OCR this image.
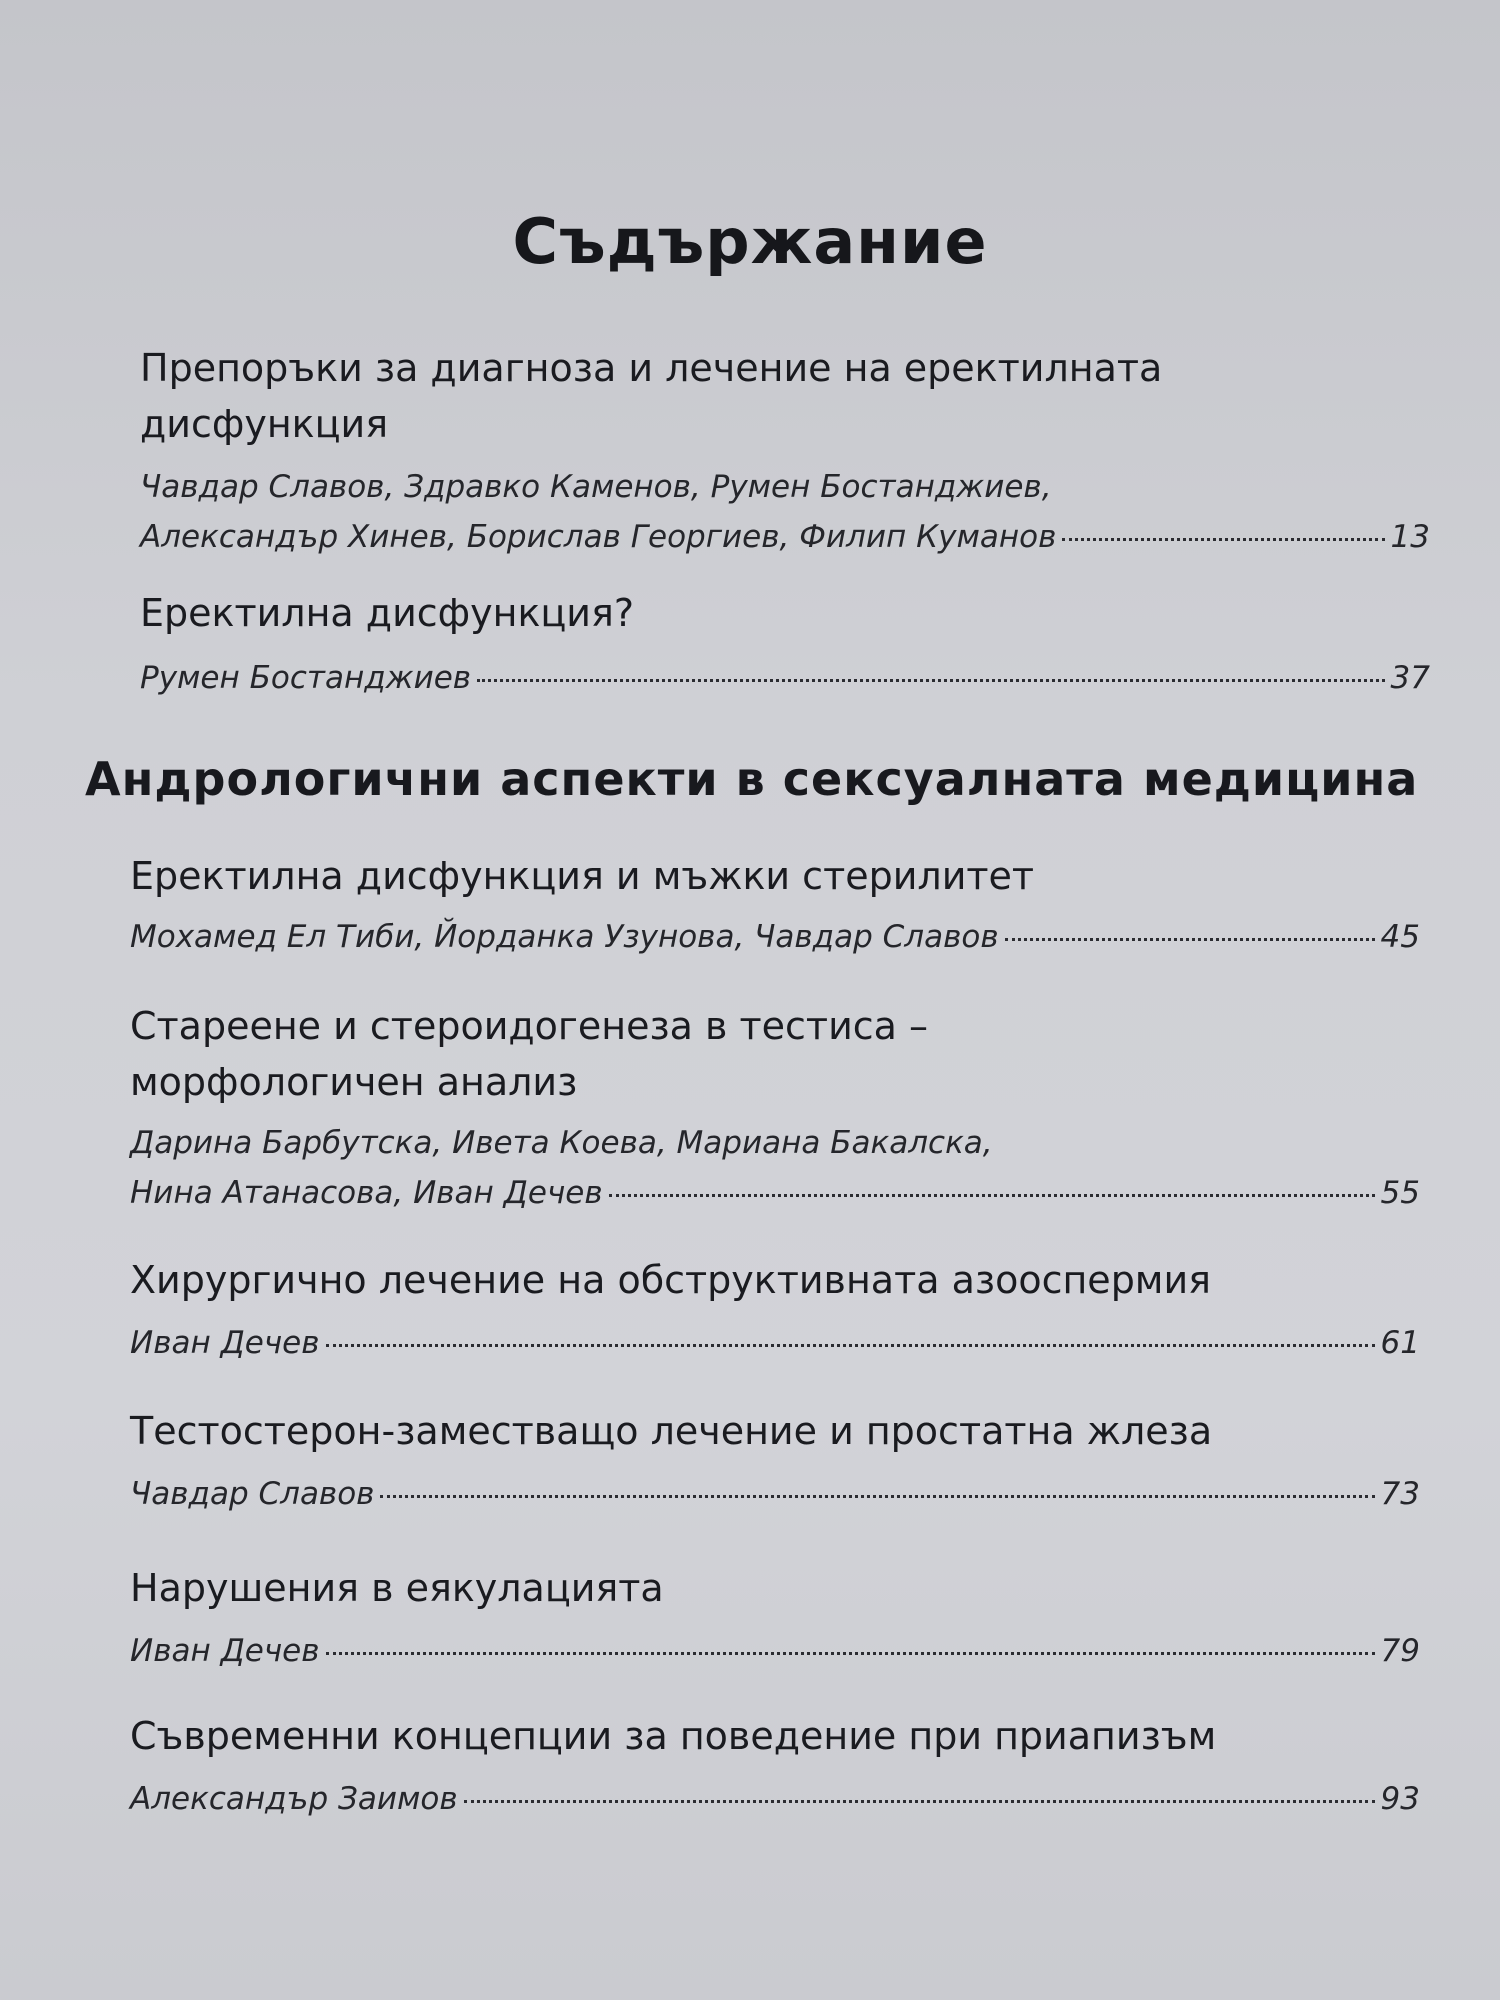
Съдържание

Препоръки за диагноза и лечение на еректилната

дисфункция

Чавдар Славов, Здравко Каменов, Румен Бостанджиев,

Александър Хинев, Борислав Георгиев, Филип Куманов	13

Еректилна дисфункция?

Румен Бостанджиев	37
Андрологични аспекти в сексуалната медицина

Еректилна дисфункция и мъжки стерилитет

Мохамед Ел Тиби, Йорданка Узунова, Чавдар Славов	45

Стареене и стероидогенеза в тестиса –

морфологичен анализ

Дарина Барбутска, Ивета Коева, Мариана Бакалска,

Нина Атанасова, Иван Дечев	55

Хирургично лечение на обструктивната азооспермия

Иван Дечев	61

Тестостерон-заместващо лечение и простатна жлеза

Чавдар Славов	73

Нарушения в еякулацията

Иван Дечев	79

Съвременни концепции за поведение при приапизъм

Александър Заимов	93
